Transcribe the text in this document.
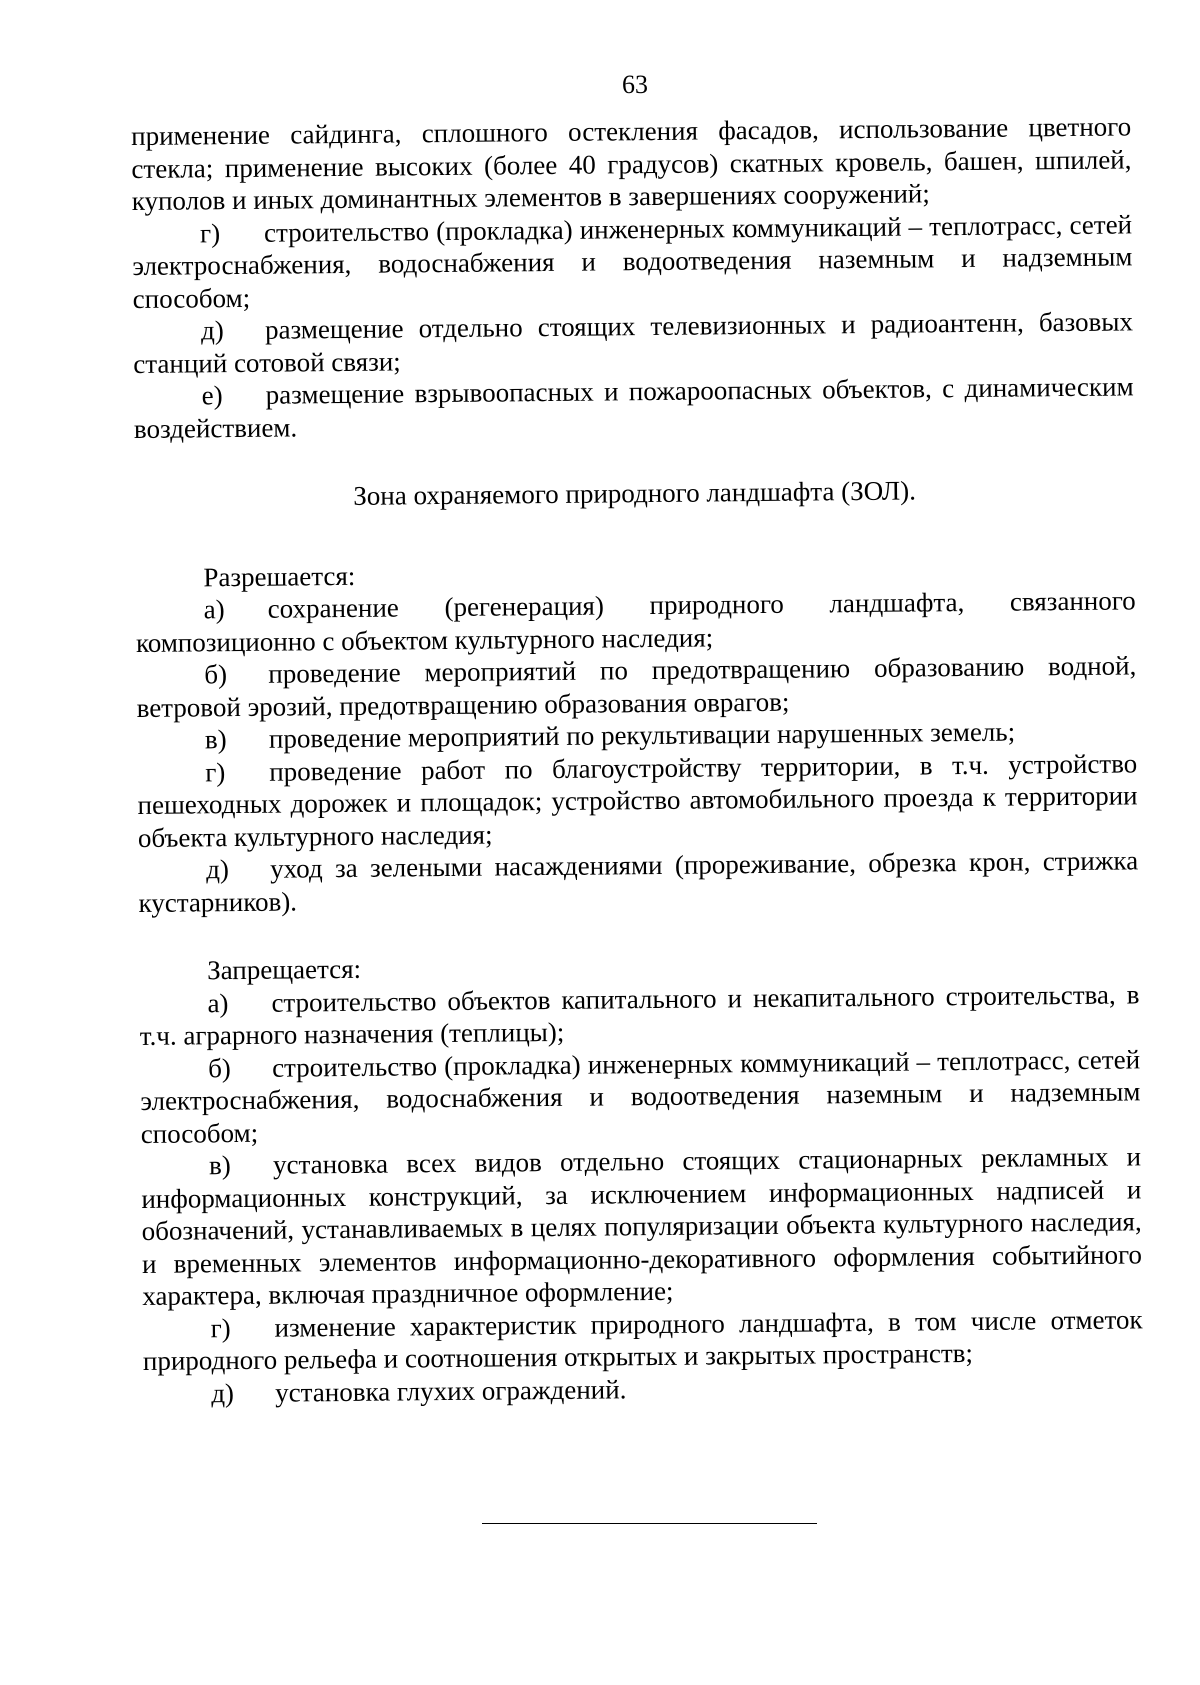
63

применение сайдинга, сплошного остекления фасадов, использование цветного стекла; применение высоких (более 40 градусов) скатных кровель, башен, шпилей, куполов и иных доминантных элементов в завершениях сооружений;

г) строительство (прокладка) инженерных коммуникаций – теплотрасс, сетей электроснабжения, водоснабжения и водоотведения наземным и надземным способом;

д) размещение отдельно стоящих телевизионных и радиоантенн, базовых станций сотовой связи;

е) размещение взрывоопасных и пожароопасных объектов, с динамическим воздействием.

Зона охраняемого природного ландшафта (ЗОЛ).

Разрешается:

а) сохранение (регенерация) природного ландшафта, связанного композиционно с объектом культурного наследия;

б) проведение мероприятий по предотвращению образованию водной, ветровой эрозий, предотвращению образования оврагов;

в) проведение мероприятий по рекультивации нарушенных земель;

г) проведение работ по благоустройству территории, в т.ч. устройство пешеходных дорожек и площадок; устройство автомобильного проезда к территории объекта культурного наследия;

д) уход за зелеными насаждениями (прореживание, обрезка крон, стрижка кустарников).

Запрещается:

а) строительство объектов капитального и некапитального строительства, в т.ч. аграрного назначения (теплицы);

б) строительство (прокладка) инженерных коммуникаций – теплотрасс, сетей электроснабжения, водоснабжения и водоотведения наземным и надземным способом;

в) установка всех видов отдельно стоящих стационарных рекламных и информационных конструкций, за исключением информационных надписей и обозначений, устанавливаемых в целях популяризации объекта культурного наследия, и временных элементов информационно-декоративного оформления событийного характера, включая праздничное оформление;

г) изменение характеристик природного ландшафта, в том числе отметок природного рельефа и соотношения открытых и закрытых пространств;

д) установка глухих ограждений.
